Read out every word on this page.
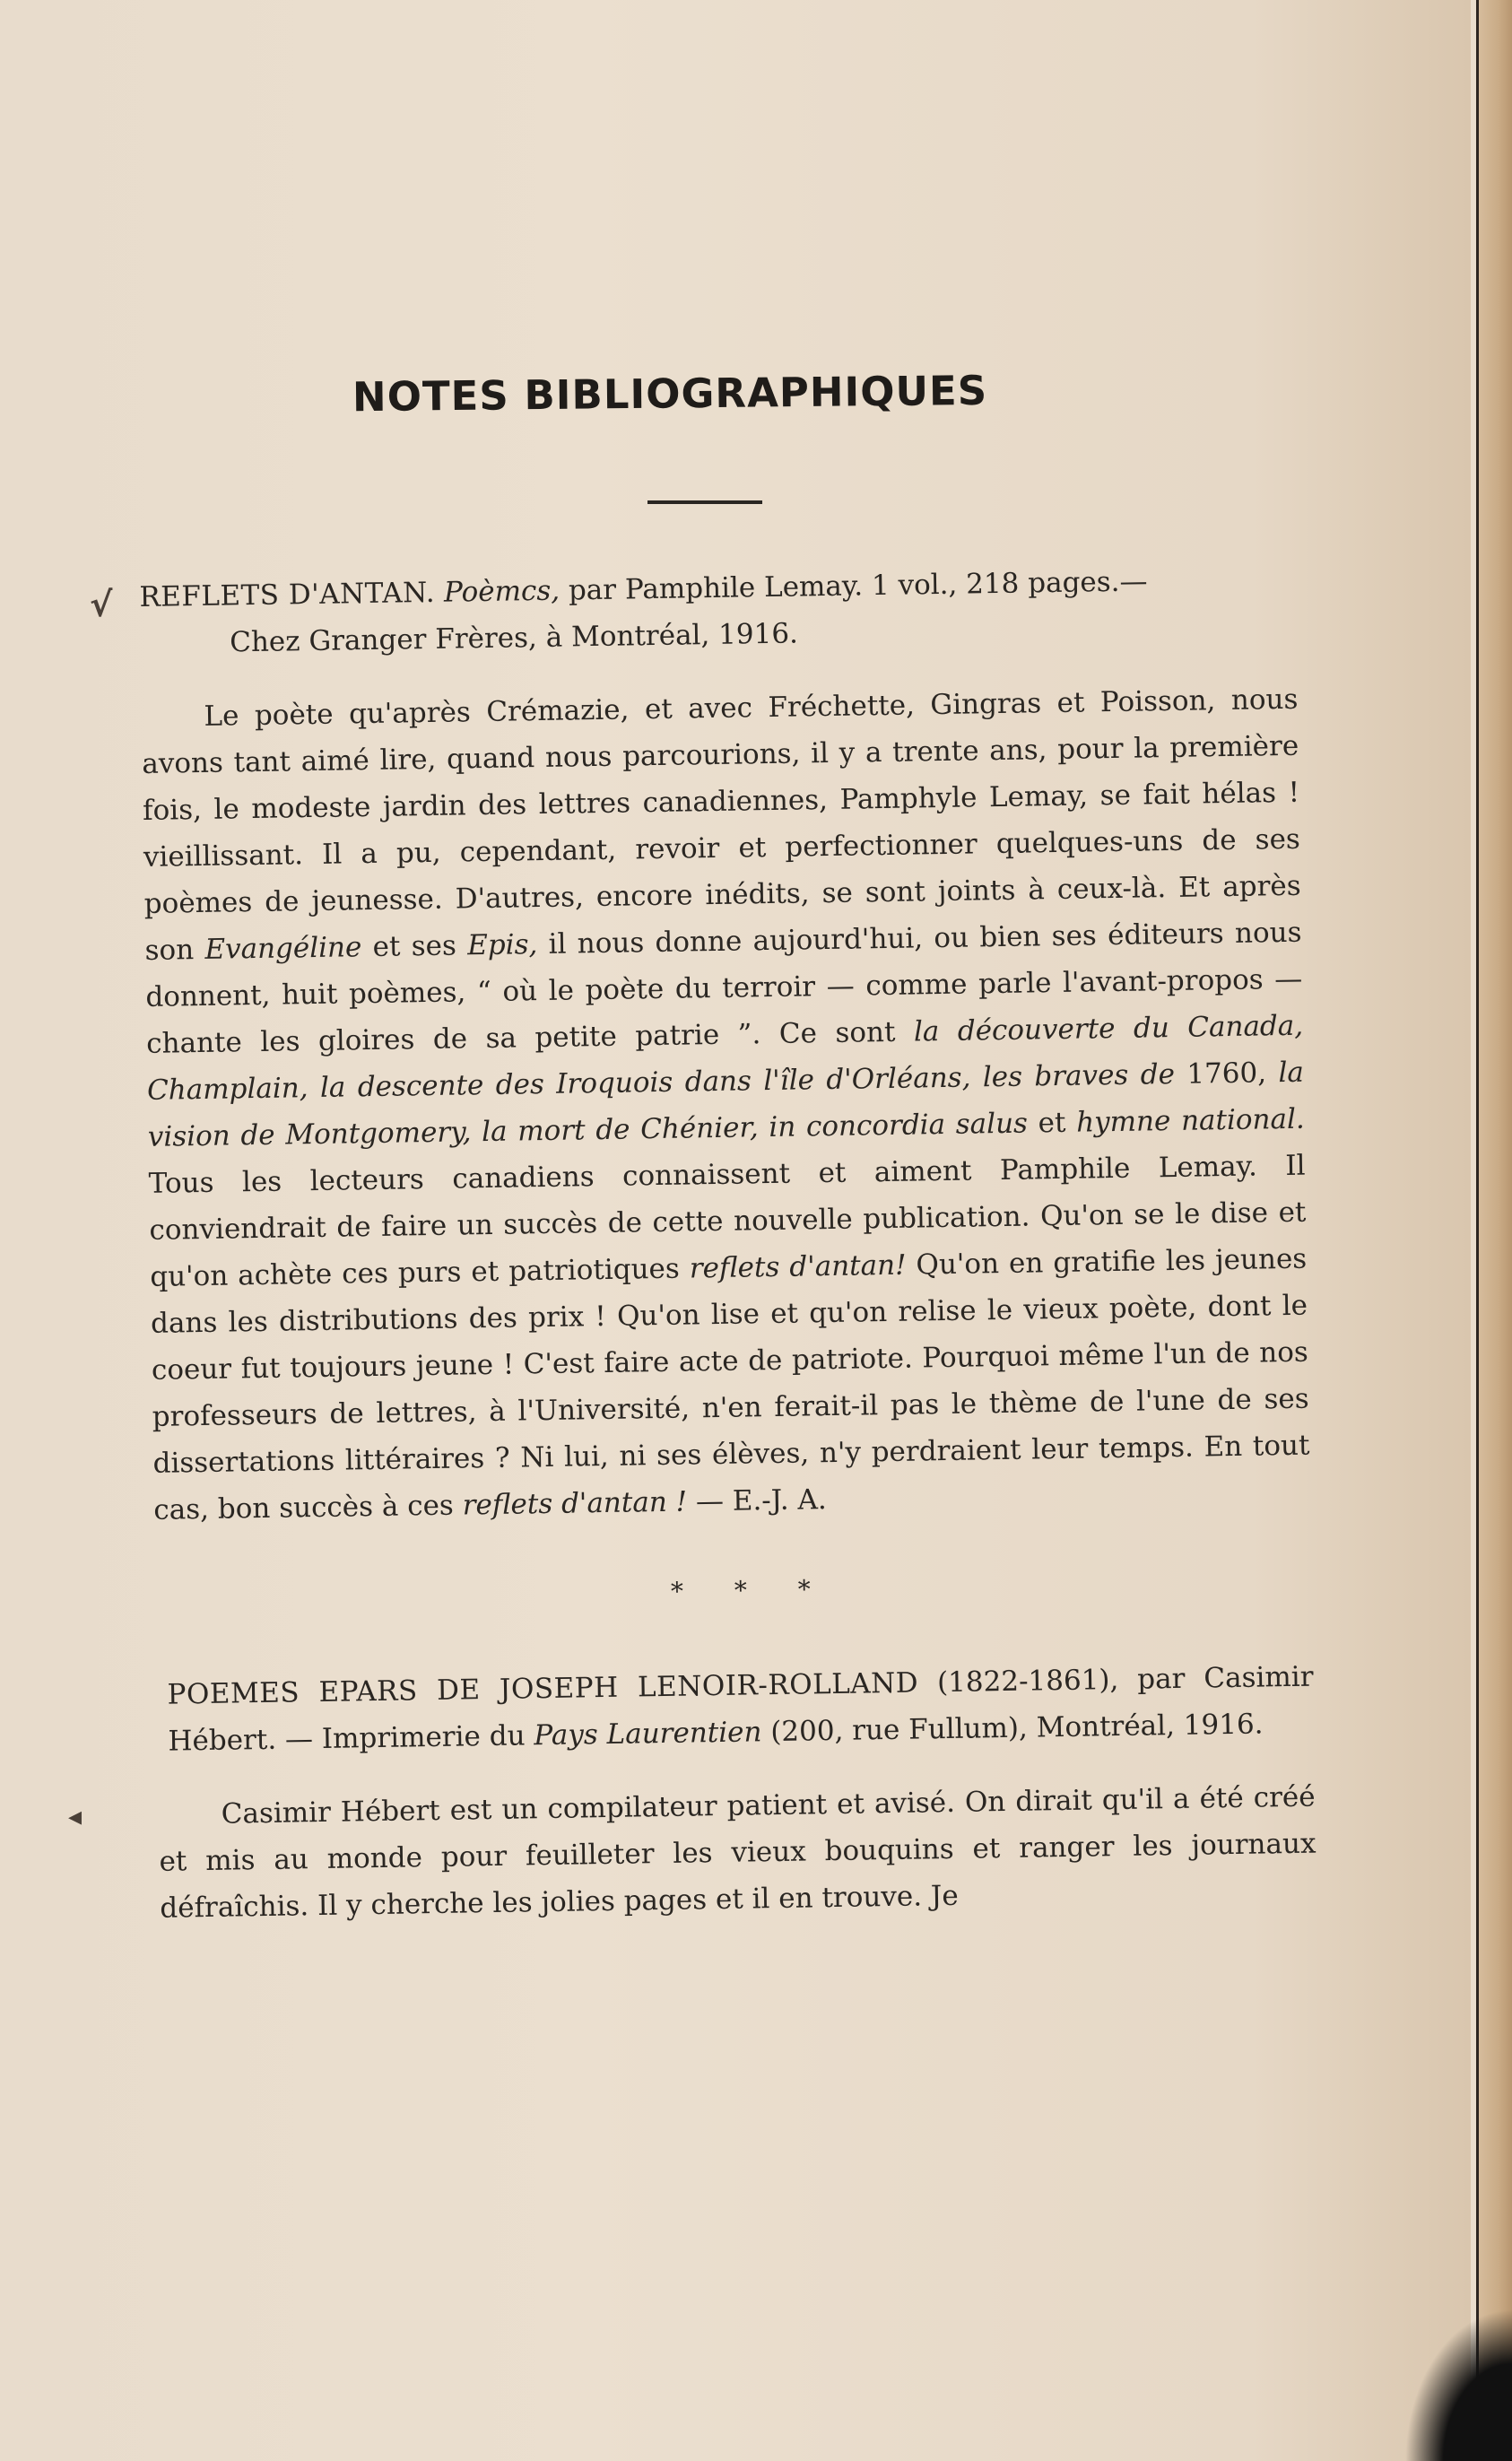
NOTES BIBLIOGRAPHIQUES
√
◂

REFLETS D'ANTAN. Poèmcs, par Pamphile Lemay. 1 vol., 218 pages.—
Chez Granger Frères, à Montréal, 1916.

Le poète qu'après Crémazie, et avec Fréchette, Gingras et Poisson, nous avons tant aimé lire, quand nous parcourions, il y a trente ans, pour la première fois, le modeste jardin des lettres canadiennes, Pamphyle Lemay, se fait hélas ! vieillissant. Il a pu, cependant, revoir et perfectionner quelques-uns de ses poèmes de jeunesse. D'autres, encore inédits, se sont joints à ceux-là. Et après son Evangéline et ses Epis, il nous donne aujourd'hui, ou bien ses éditeurs nous donnent, huit poèmes, “ où le poète du terroir — comme parle l'avant-propos — chante les gloires de sa petite patrie ”. Ce sont la découverte du Canada, Champlain, la descente des Iroquois dans l'île d'Orléans, les braves de 1760, la vision de Montgomery, la mort de Chénier, in concordia salus et hymne national. Tous les lecteurs canadiens connaissent et aiment Pamphile Lemay. Il conviendrait de faire un succès de cette nouvelle publication. Qu'on se le dise et qu'on achète ces purs et patriotiques reflets d'antan! Qu'on en gratifie les jeunes dans les distributions des prix ! Qu'on lise et qu'on relise le vieux poète, dont le coeur fut toujours jeune ! C'est faire acte de patriote. Pourquoi même l'un de nos professeurs de lettres, à l'Université, n'en ferait-il pas le thème de l'une de ses dissertations littéraires ? Ni lui, ni ses élèves, n'y perdraient leur temps. En tout cas, bon succès à ces reflets d'antan ! — E.-J. A.

* * *

POEMES EPARS DE JOSEPH LENOIR-ROLLAND (1822-1861), par Casimir Hébert. — Imprimerie du Pays Laurentien (200, rue Fullum), Montréal, 1916.

Casimir Hébert est un compilateur patient et avisé. On dirait qu'il a été créé et mis au monde pour feuilleter les vieux bouquins et ranger les journaux défraîchis. Il y cherche les jolies pages et il en trouve. Je
